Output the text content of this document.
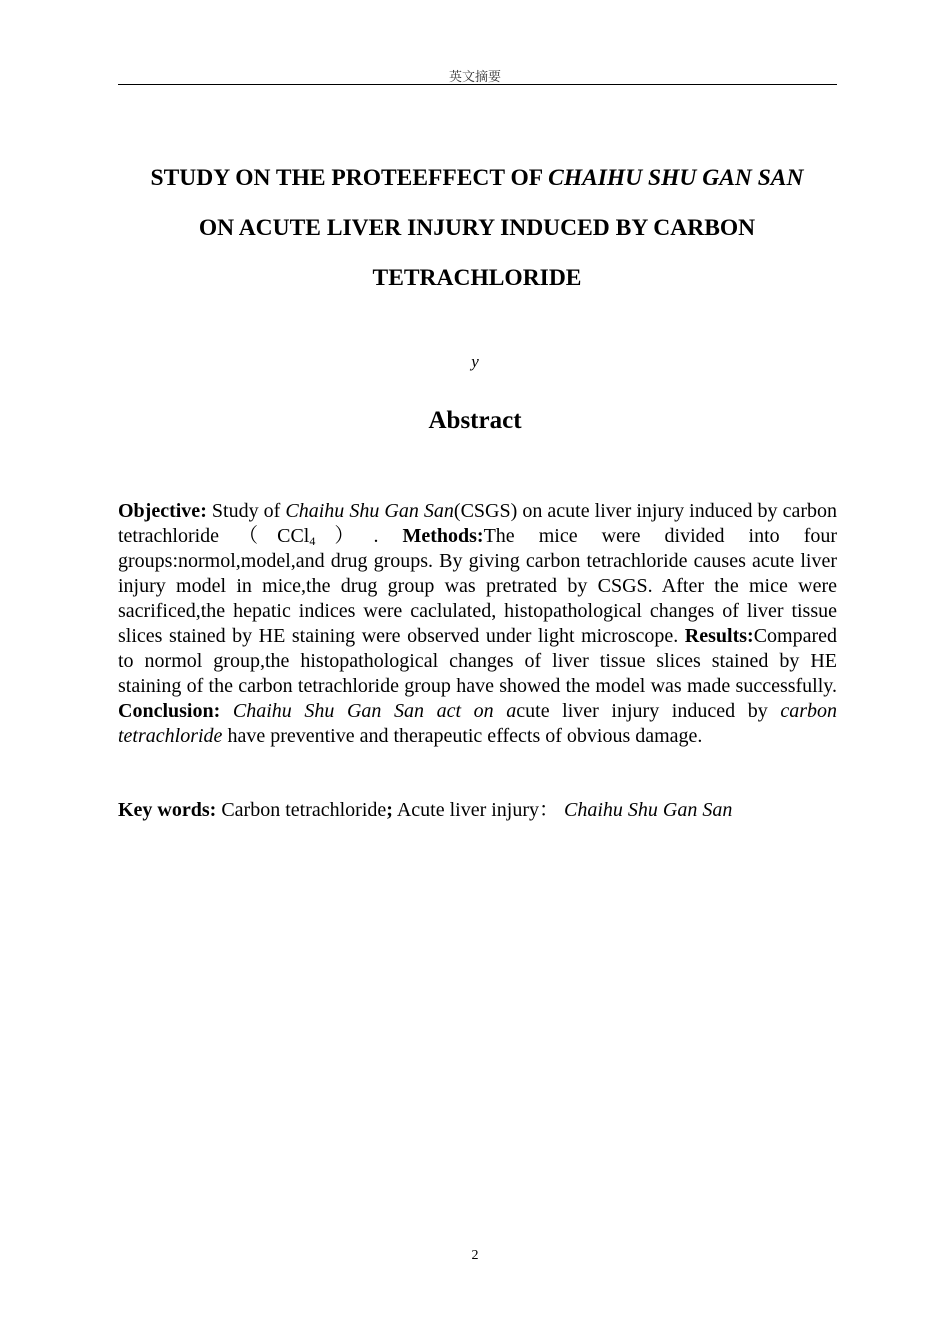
英文摘要
STUDY ON THE PROTEEFFECT OF CHAIHU SHU GAN SAN
ON ACUTE LIVER INJURY INDUCED BY CARBON
TETRACHLORIDE
y
Abstract

Objective: Study of Chaihu Shu Gan San(CSGS) on acute liver injury induced by carbon tetrachloride（CCl$_4$）. Methods:The mice were divided into four groups:normol,model,and drug groups. By giving carbon tetrachloride causes acute liver injury model in mice,the drug group was pretrated by CSGS. After the mice were sacrificed,the hepatic indices were caclulated, histopathological changes of liver tissue slices stained by HE staining were observed under light microscope. Results:Compared to normol group,the histopathological changes of liver tissue slices stained by HE staining of the carbon tetrachloride group have showed the model was made successfully. Conclusion: Chaihu Shu Gan San act on acute liver injury induced by carbon tetrachloride have preventive and therapeutic effects of obvious damage.

Key words: Carbon tetrachloride; Acute liver injury： Chaihu Shu Gan San

2
